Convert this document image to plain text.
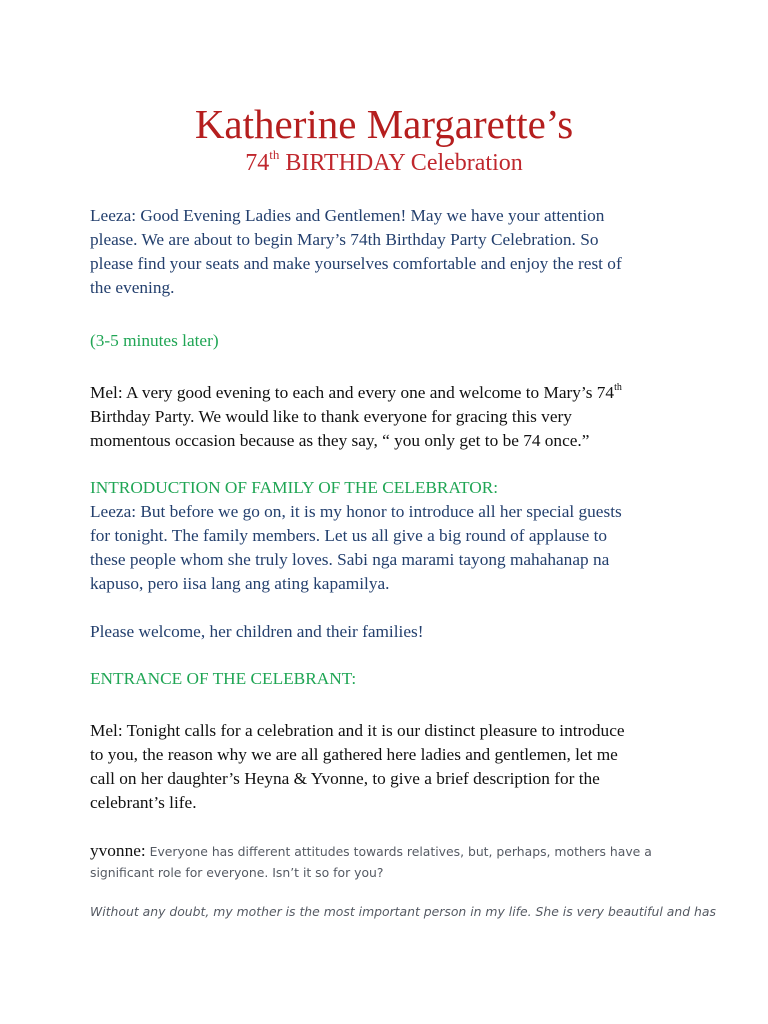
Katherine Margarette’s
74th BIRTHDAY Celebration
Leeza: Good Evening Ladies and Gentlemen! May we have your attention
please. We are about to begin Mary’s 74th Birthday Party Celebration. So
please find your seats and make yourselves comfortable and enjoy the rest of
the evening.
(3-5 minutes later)
Mel: A very good evening to each and every one and welcome to Mary’s 74th
Birthday Party. We would like to thank everyone for gracing this very
momentous occasion because as they say, “ you only get to be 74 once.”
INTRODUCTION OF FAMILY OF THE CELEBRATOR:
Leeza: But before we go on, it is my honor to introduce all her special guests
for tonight. The family members. Let us all give a big round of applause to
these people whom she truly loves. Sabi nga marami tayong mahahanap na
kapuso, pero iisa lang ang ating kapamilya.
Please welcome, her children and their families!
ENTRANCE OF THE CELEBRANT:
Mel: Tonight calls for a celebration and it is our distinct pleasure to introduce
to you, the reason why we are all gathered here ladies and gentlemen, let me
call on her daughter’s Heyna & Yvonne, to give a brief description for the
celebrant’s life.
yvonne: Everyone has different attitudes towards relatives, but, perhaps, mothers have a
significant role for everyone. Isn’t it so for you?
Without any doubt, my mother is the most important person in my life. She is very beautiful and has
